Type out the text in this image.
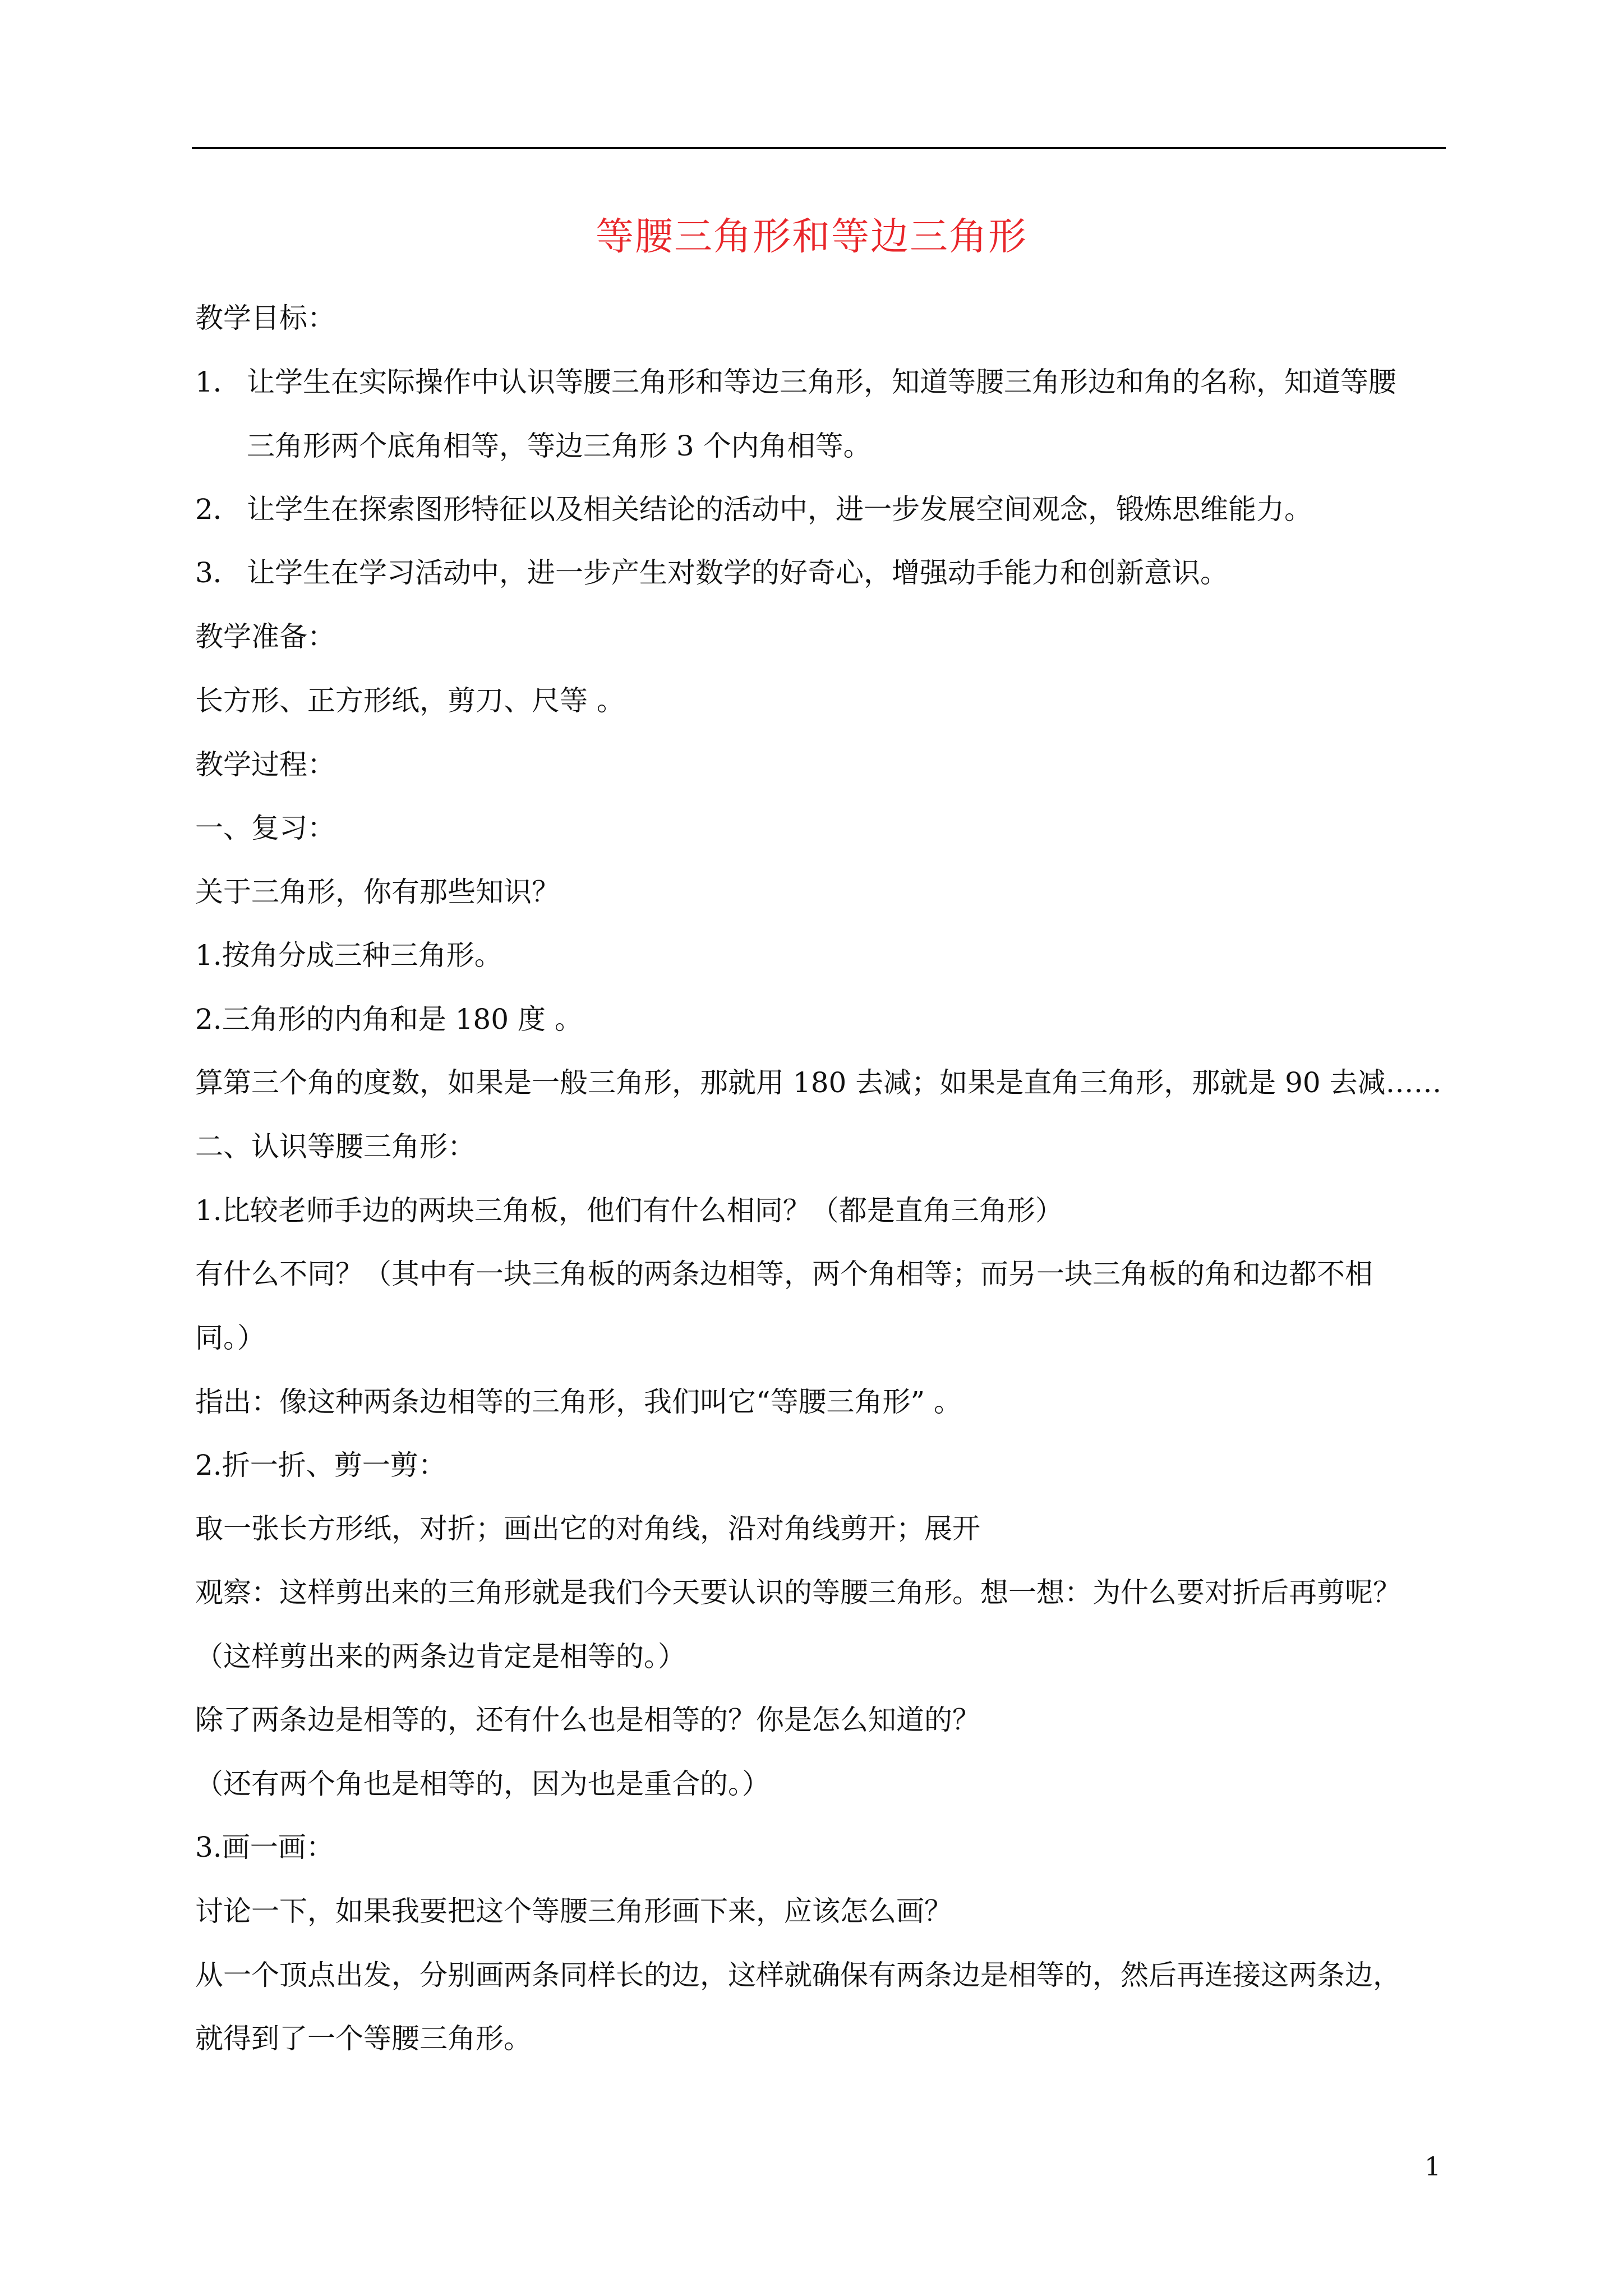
等腰三角形和等边三角形
教学目标：
1． 让学生在实际操作中认识等腰三角形和等边三角形，知道等腰三角形边和角的名称，知道等腰
三角形两个底角相等，等边三角形 3 个内角相等。
2． 让学生在探索图形特征以及相关结论的活动中，进一步发展空间观念，锻炼思维能力。
3． 让学生在学习活动中，进一步产生对数学的好奇心，增强动手能力和创新意识。
教学准备：
长方形、正方形纸，剪刀、尺等 。
教学过程：
一、复习：
关于三角形，你有那些知识？
1.按角分成三种三角形。
2.三角形的内角和是 180 度 。
算第三个角的度数，如果是一般三角形，那就用 180 去减；如果是直角三角形，那就是 90 去减……
二、认识等腰三角形：
1.比较老师手边的两块三角板，他们有什么相同？（都是直角三角形）
有什么不同？（其中有一块三角板的两条边相等，两个角相等；而另一块三角板的角和边都不相
同。）
指出：像这种两条边相等的三角形，我们叫它“等腰三角形” 。
2.折一折、剪一剪：
取一张长方形纸，对折；画出它的对角线，沿对角线剪开；展开
观察：这样剪出来的三角形就是我们今天要认识的等腰三角形。想一想：为什么要对折后再剪呢？
（这样剪出来的两条边肯定是相等的。）
除了两条边是相等的，还有什么也是相等的？你是怎么知道的？
（还有两个角也是相等的，因为也是重合的。）
3.画一画：
讨论一下，如果我要把这个等腰三角形画下来，应该怎么画？
从一个顶点出发，分别画两条同样长的边，这样就确保有两条边是相等的，然后再连接这两条边，
就得到了一个等腰三角形。
1
